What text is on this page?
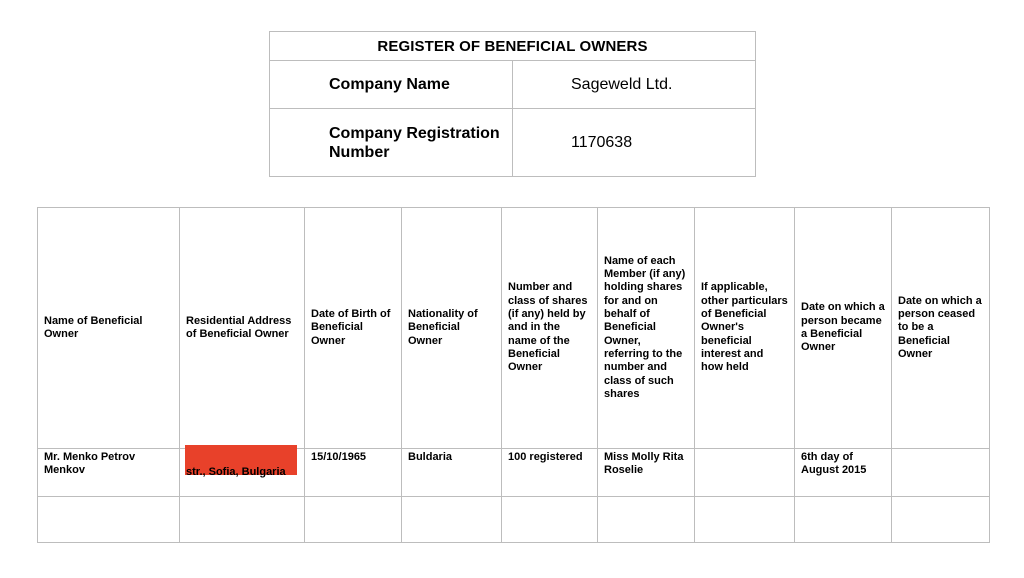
REGISTER OF BENEFICIAL OWNERS	
Company Name	Sageweld Ltd.
Company Registration Number	1170638
Name of Beneficial Owner	Residential Address of Beneficial Owner	Date of Birth of Beneficial Owner	Nationality of Beneficial Owner	Number and class of shares (if any) held by and in the name of the Beneficial Owner	Name of each Member (if any) holding shares for and on behalf of Beneficial Owner, referring to the number and class of such shares	If applicable, other particulars of Beneficial Owner's beneficial interest and how held	Date on which a person became a Beneficial Owner	Date on which a person ceased to be a Beneficial Owner
Mr. Menko Petrov Menkov	str., Sofia, Bulgaria	15/10/1965	Buldaria	100 registered	Miss Molly Rita Roselie		6th day of August 2015	
